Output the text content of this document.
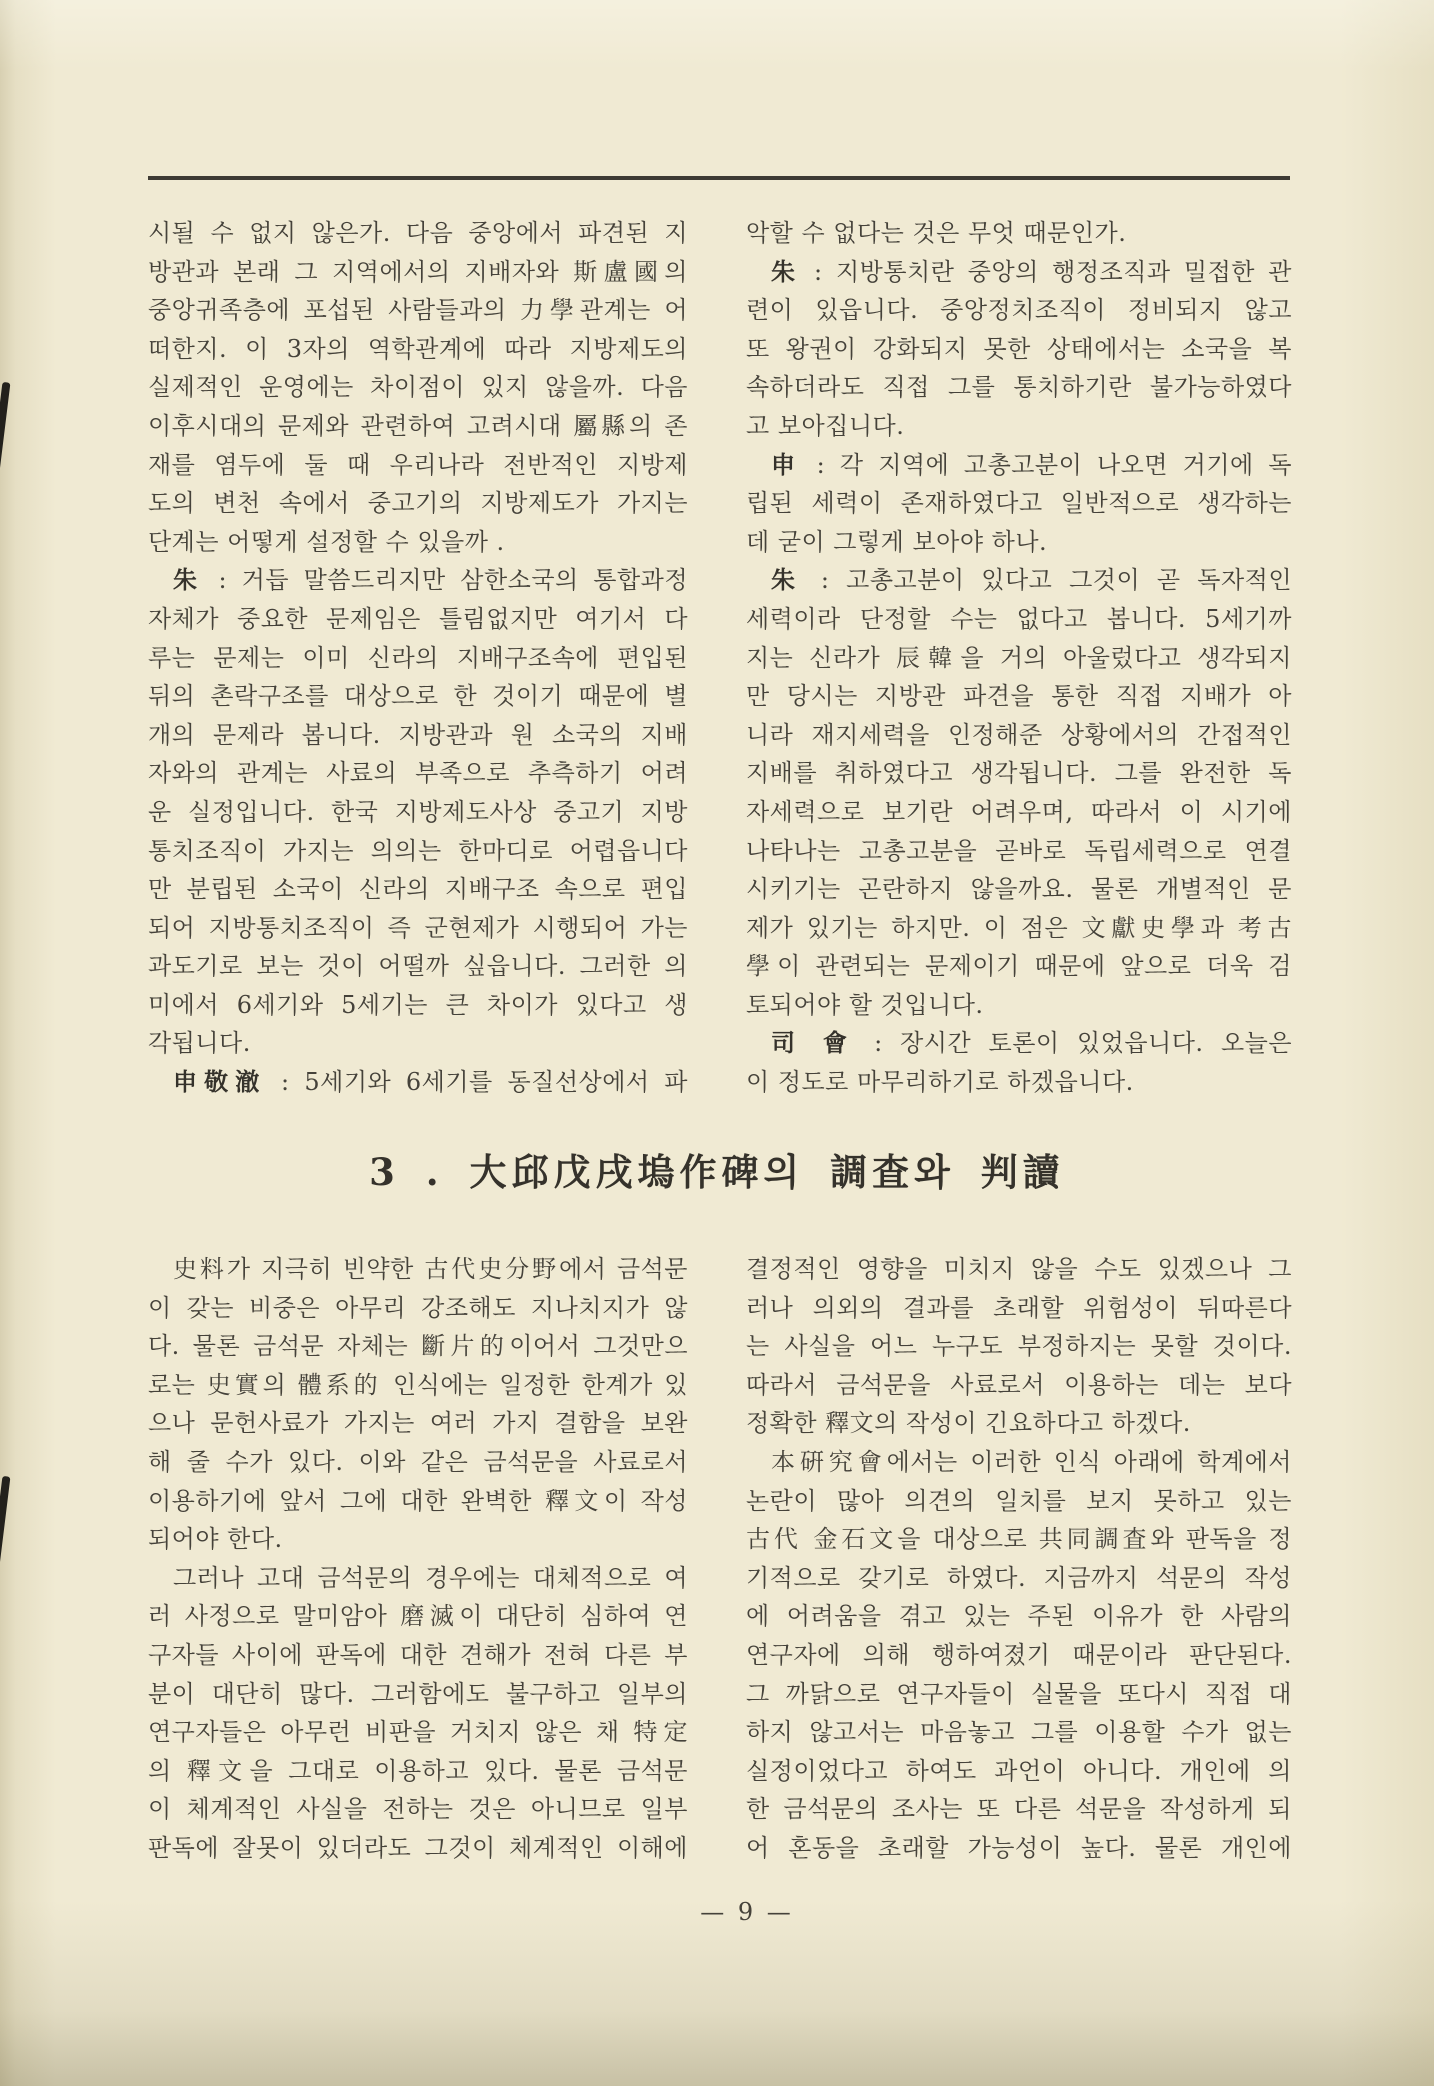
시될 수 없지 않은가. 다음 중앙에서 파견된 지
방관과 본래 그 지역에서의 지배자와 斯盧國의
중앙귀족층에 포섭된 사람들과의 力學관계는 어
떠한지. 이 3자의 역학관계에 따라 지방제도의
실제적인 운영에는 차이점이 있지 않을까. 다음
이후시대의 문제와 관련하여 고려시대 屬縣의 존
재를 염두에 둘 때 우리나라 전반적인 지방제
도의 변천 속에서 중고기의 지방제도가 가지는
단계는 어떻게 설정할 수 있을까 .
朱 : 거듭 말씀드리지만 삼한소국의 통합과정
자체가 중요한 문제임은 틀림없지만 여기서 다
루는 문제는 이미 신라의 지배구조속에 편입된
뒤의 촌락구조를 대상으로 한 것이기 때문에 별
개의 문제라 봅니다. 지방관과 원 소국의 지배
자와의 관계는 사료의 부족으로 추측하기 어려
운 실정입니다. 한국 지방제도사상 중고기 지방
통치조직이 가지는 의의는 한마디로 어렵읍니다
만 분립된 소국이 신라의 지배구조 속으로 편입
되어 지방통치조직이 즉 군현제가 시행되어 가는
과도기로 보는 것이 어떨까 싶읍니다. 그러한 의
미에서 6세기와 5세기는 큰 차이가 있다고 생
각됩니다.
申敬澈 : 5세기와 6세기를 동질선상에서 파
악할 수 없다는 것은 무엇 때문인가.
朱 : 지방통치란 중앙의 행정조직과 밀접한 관
련이 있읍니다. 중앙정치조직이 정비되지 않고
또 왕권이 강화되지 못한 상태에서는 소국을 복
속하더라도 직접 그를 통치하기란 불가능하였다
고 보아집니다.
申 : 각 지역에 고총고분이 나오면 거기에 독
립된 세력이 존재하였다고 일반적으로 생각하는
데 굳이 그렇게 보아야 하나.
朱 : 고총고분이 있다고 그것이 곧 독자적인
세력이라 단정할 수는 없다고 봅니다. 5세기까
지는 신라가 辰韓을 거의 아울렀다고 생각되지
만 당시는 지방관 파견을 통한 직접 지배가 아
니라 재지세력을 인정해준 상황에서의 간접적인
지배를 취하였다고 생각됩니다. 그를 완전한 독
자세력으로 보기란 어려우며, 따라서 이 시기에
나타나는 고총고분을 곧바로 독립세력으로 연결
시키기는 곤란하지 않을까요. 물론 개별적인 문
제가 있기는 하지만. 이 점은 文獻史學과 考古
學이 관련되는 문제이기 때문에 앞으로 더욱 검
토되어야 할 것입니다.
司 會 : 장시간 토론이 있었읍니다. 오늘은
이 정도로 마무리하기로 하겠읍니다.
3 . 大邱戊戌塢作碑의 調査와 判讀
史料가 지극히 빈약한 古代史分野에서 금석문
이 갖는 비중은 아무리 강조해도 지나치지가 않
다. 물론 금석문 자체는 斷片的이어서 그것만으
로는 史實의 體系的 인식에는 일정한 한계가 있
으나 문헌사료가 가지는 여러 가지 결함을 보완
해 줄 수가 있다. 이와 같은 금석문을 사료로서
이용하기에 앞서 그에 대한 완벽한 釋文이 작성
되어야 한다.
그러나 고대 금석문의 경우에는 대체적으로 여
러 사정으로 말미암아 磨滅이 대단히 심하여 연
구자들 사이에 판독에 대한 견해가 전혀 다른 부
분이 대단히 많다. 그러함에도 불구하고 일부의
연구자들은 아무런 비판을 거치지 않은 채 特定
의 釋文을 그대로 이용하고 있다. 물론 금석문
이 체계적인 사실을 전하는 것은 아니므로 일부
판독에 잘못이 있더라도 그것이 체계적인 이해에
결정적인 영향을 미치지 않을 수도 있겠으나 그
러나 의외의 결과를 초래할 위험성이 뒤따른다
는 사실을 어느 누구도 부정하지는 못할 것이다.
따라서 금석문을 사료로서 이용하는 데는 보다
정확한 釋文의 작성이 긴요하다고 하겠다.
本硏究會에서는 이러한 인식 아래에 학계에서
논란이 많아 의견의 일치를 보지 못하고 있는
古代 金石文을 대상으로 共同調査와 판독을 정
기적으로 갖기로 하였다. 지금까지 석문의 작성
에 어려움을 겪고 있는 주된 이유가 한 사람의
연구자에 의해 행하여졌기 때문이라 판단된다.
그 까닭으로 연구자들이 실물을 또다시 직접 대
하지 않고서는 마음놓고 그를 이용할 수가 없는
실정이었다고 하여도 과언이 아니다. 개인에 의
한 금석문의 조사는 또 다른 석문을 작성하게 되
어 혼동을 초래할 가능성이 높다. 물론 개인에
— 9 —
